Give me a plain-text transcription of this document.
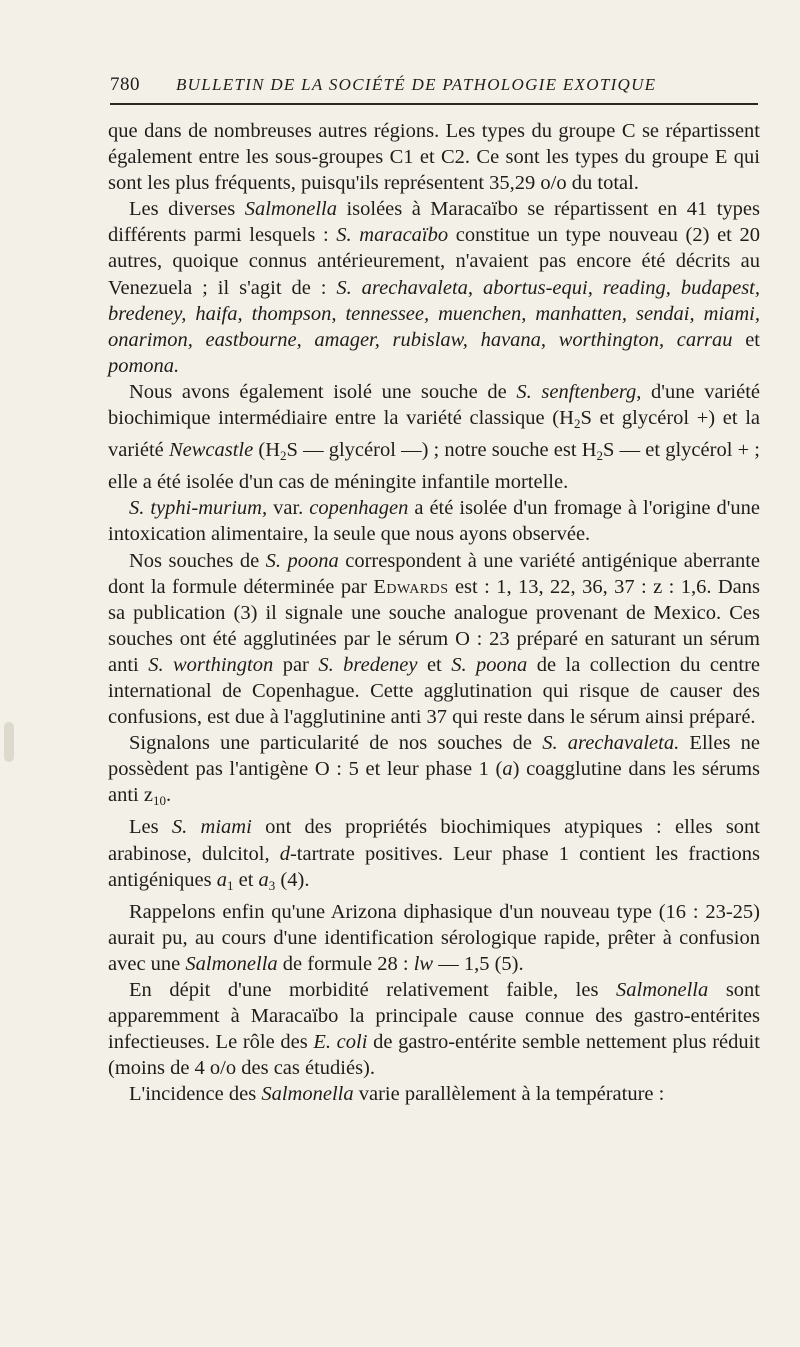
780 BULLETIN DE LA SOCIÉTÉ DE PATHOLOGIE EXOTIQUE

que dans de nombreuses autres régions. Les types du groupe C se répartissent également entre les sous-groupes C1 et C2. Ce sont les types du groupe E qui sont les plus fréquents, puisqu'ils représentent 35,29 o/o du total.

Les diverses Salmonella isolées à Maracaïbo se répartissent en 41 types différents parmi lesquels : S. maracaïbo constitue un type nouveau (2) et 20 autres, quoique connus antérieurement, n'avaient pas encore été décrits au Venezuela ; il s'agit de : S. arechavaleta, abortus-equi, reading, budapest, bredeney, haifa, thompson, tennessee, muenchen, manhatten, sendai, miami, onarimon, eastbourne, amager, rubislaw, havana, worthington, carrau et pomona.

Nous avons également isolé une souche de S. senftenberg, d'une variété biochimique intermédiaire entre la variété classique ($H_2S$ et glycérol +) et la variété Newcastle ($H_2S$ — glycérol —) ; notre souche est $H_2S$ — et glycérol + ; elle a été isolée d'un cas de méningite infantile mortelle.

S. typhi-murium, var. copenhagen a été isolée d'un fromage à l'origine d'une intoxication alimentaire, la seule que nous ayons observée.

Nos souches de S. poona correspondent à une variété antigénique aberrante dont la formule déterminée par Edwards est : 1, 13, 22, 36, 37 : z : 1,6. Dans sa publication (3) il signale une souche analogue provenant de Mexico. Ces souches ont été agglutinées par le sérum O : 23 préparé en saturant un sérum anti S. worthington par S. bredeney et S. poona de la collection du centre international de Copenhague. Cette agglutination qui risque de causer des confusions, est due à l'agglutinine anti 37 qui reste dans le sérum ainsi préparé.

Signalons une particularité de nos souches de S. arechavaleta. Elles ne possèdent pas l'antigène O : 5 et leur phase 1 (a) coagglutine dans les sérums anti $z_{10}$.

Les S. miami ont des propriétés biochimiques atypiques : elles sont arabinose, dulcitol, d-tartrate positives. Leur phase 1 contient les fractions antigéniques $a_1$ et $a_3$ (4).

Rappelons enfin qu'une Arizona diphasique d'un nouveau type (16 : 23-25) aurait pu, au cours d'une identification sérologique rapide, prêter à confusion avec une Salmonella de formule 28 : lw — 1,5 (5).

En dépit d'une morbidité relativement faible, les Salmonella sont apparemment à Maracaïbo la principale cause connue des gastro-entérites infectieuses. Le rôle des E. coli de gastro-entérite semble nettement plus réduit (moins de 4 o/o des cas étudiés).

L'incidence des Salmonella varie parallèlement à la température :
